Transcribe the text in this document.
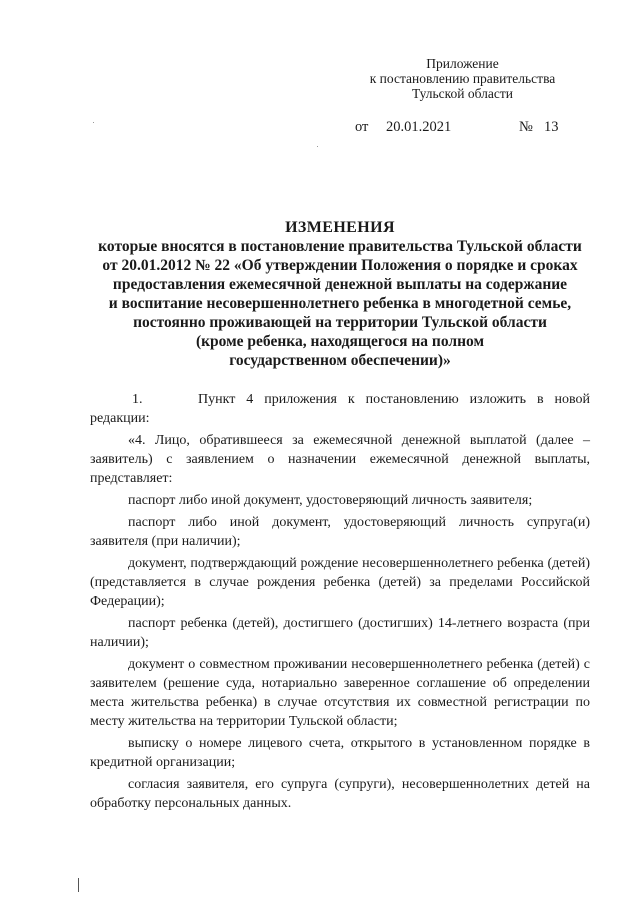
Приложение
к постановлению правительства
Тульской области
от 20.01.2021	№ 13
ИЗМЕНЕНИЯ
которые вносятся в постановление правительства Тульской области
от 20.01.2012 № 22 «Об утверждении Положения о порядке и сроках
предоставления ежемесячной денежной выплаты на содержание
и воспитание несовершеннолетнего ребенка в многодетной семье,
постоянно проживающей на территории Тульской области
(кроме ребенка, находящегося на полном
государственном обеспечении)»

1.	Пункт 4 приложения к постановлению изложить в новой редакции:

«4. Лицо, обратившееся за ежемесячной денежной выплатой (далее – заявитель) с заявлением о назначении ежемесячной денежной выплаты, представляет:

паспорт либо иной документ, удостоверяющий личность заявителя;

паспорт либо иной документ, удостоверяющий личность супруга(и) заявителя (при наличии);

документ, подтверждающий рождение несовершеннолетнего ребенка (детей) (представляется в случае рождения ребенка (детей) за пределами Российской Федерации);

паспорт ребенка (детей), достигшего (достигших) 14-летнего возраста (при наличии);

документ о совместном проживании несовершеннолетнего ребенка (детей) с заявителем (решение суда, нотариально заверенное соглашение об определении места жительства ребенка) в случае отсутствия их совместной регистрации по месту жительства на территории Тульской области;

выписку о номере лицевого счета, открытого в установленном порядке в кредитной организации;

согласия заявителя, его супруга (супруги), несовершеннолетних детей на обработку персональных данных.
